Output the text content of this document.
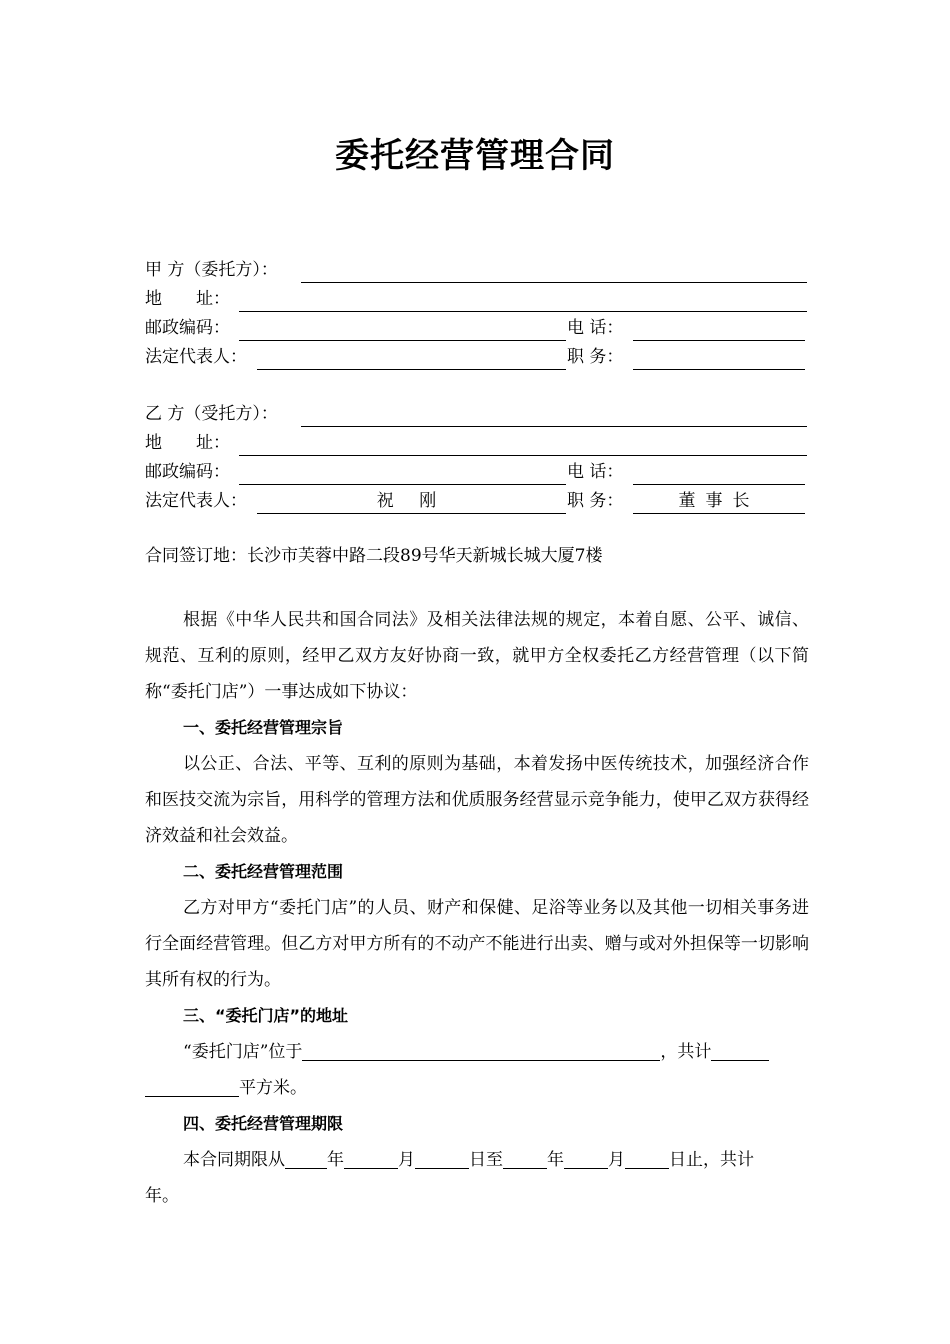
委托经营管理合同
甲 方（委托方）：
地　　址：
邮政编码：	电 话：
法定代表人：	职 务：
乙 方（受托方）：
地　　址：
邮政编码：	电 话：
法定代表人：	祝 刚	职 务：	董事长
合同签订地：长沙市芙蓉中路二段89号华天新城长城大厦7楼

根据《中华人民共和国合同法》及相关法律法规的规定，本着自愿、公平、诚信、规范、互利的原则，经甲乙双方友好协商一致，就甲方全权委托乙方经营管理（以下简称“委托门店”）一事达成如下协议：

一、委托经营管理宗旨

以公正、合法、平等、互利的原则为基础，本着发扬中医传统技术，加强经济合作和医技交流为宗旨，用科学的管理方法和优质服务经营显示竞争能力，使甲乙双方获得经济效益和社会效益。

二、委托经营管理范围

乙方对甲方“委托门店”的人员、财产和保健、足浴等业务以及其他一切相关事务进行全面经营管理。但乙方对甲方所有的不动产不能进行出卖、赠与或对外担保等一切影响其所有权的行为。

三、“委托门店”的地址

“委托门店”位于	，共计

平方米。

四、委托经营管理期限

本合同期限从 年	月	日至	年	月	日止，共计

年。
